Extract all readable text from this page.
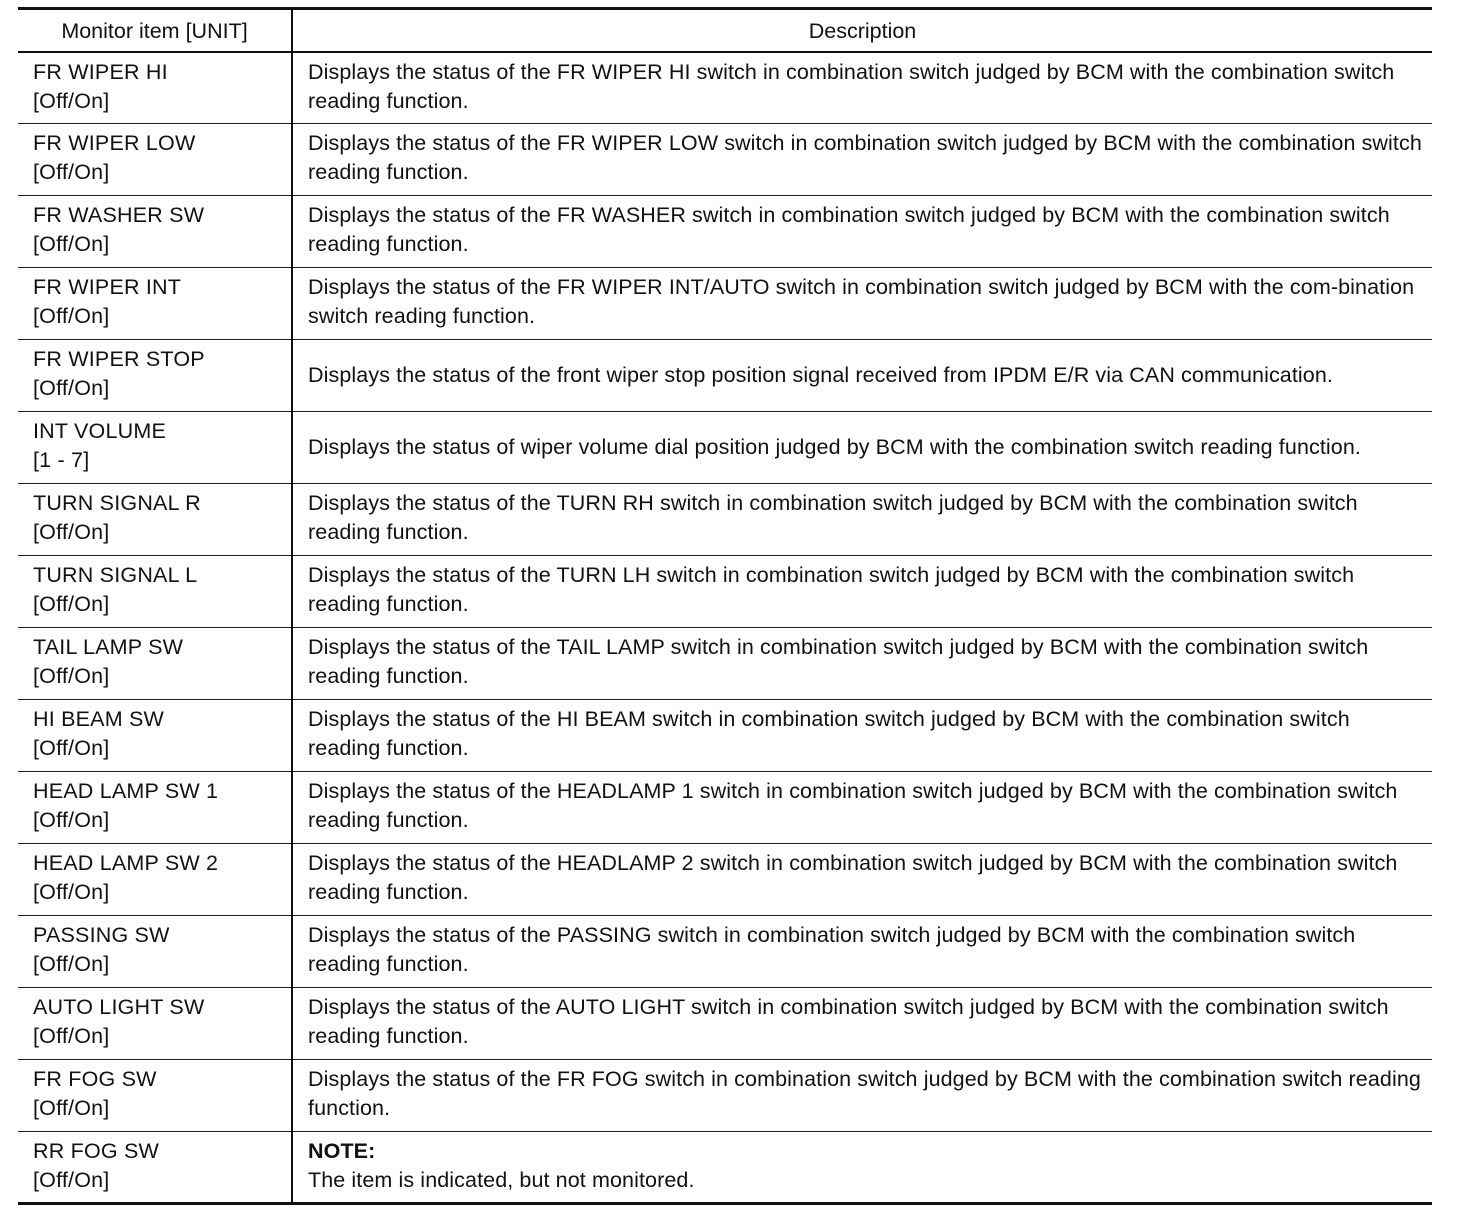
Monitor item [UNIT]	Description

FR WIPER HI
[Off/On]	Displays the status of the FR WIPER HI switch in combination switch judged by BCM with the combination switch reading function.

FR WIPER LOW
[Off/On]	Displays the status of the FR WIPER LOW switch in combination switch judged by BCM with the combination switch reading function.

FR WASHER SW
[Off/On]	Displays the status of the FR WASHER switch in combination switch judged by BCM with the combination switch reading function.

FR WIPER INT
[Off/On]	Displays the status of the FR WIPER INT/AUTO switch in combination switch judged by BCM with the com-bination switch reading function.

FR WIPER STOP
[Off/On]	Displays the status of the front wiper stop position signal received from IPDM E/R via CAN communication.

INT VOLUME
[1 - 7]	Displays the status of wiper volume dial position judged by BCM with the combination switch reading function.

TURN SIGNAL R
[Off/On]	Displays the status of the TURN RH switch in combination switch judged by BCM with the combination switch reading function.

TURN SIGNAL L
[Off/On]	Displays the status of the TURN LH switch in combination switch judged by BCM with the combination switch reading function.

TAIL LAMP SW
[Off/On]	Displays the status of the TAIL LAMP switch in combination switch judged by BCM with the combination switch reading function.

HI BEAM SW
[Off/On]	Displays the status of the HI BEAM switch in combination switch judged by BCM with the combination switch reading function.

HEAD LAMP SW 1
[Off/On]	Displays the status of the HEADLAMP 1 switch in combination switch judged by BCM with the combination switch reading function.

HEAD LAMP SW 2
[Off/On]	Displays the status of the HEADLAMP 2 switch in combination switch judged by BCM with the combination switch reading function.

PASSING SW
[Off/On]	Displays the status of the PASSING switch in combination switch judged by BCM with the combination switch reading function.

AUTO LIGHT SW
[Off/On]	Displays the status of the AUTO LIGHT switch in combination switch judged by BCM with the combination switch reading function.

FR FOG SW
[Off/On]	Displays the status of the FR FOG switch in combination switch judged by BCM with the combination switch reading function.

RR FOG SW
[Off/On]	NOTE:
The item is indicated, but not monitored.
